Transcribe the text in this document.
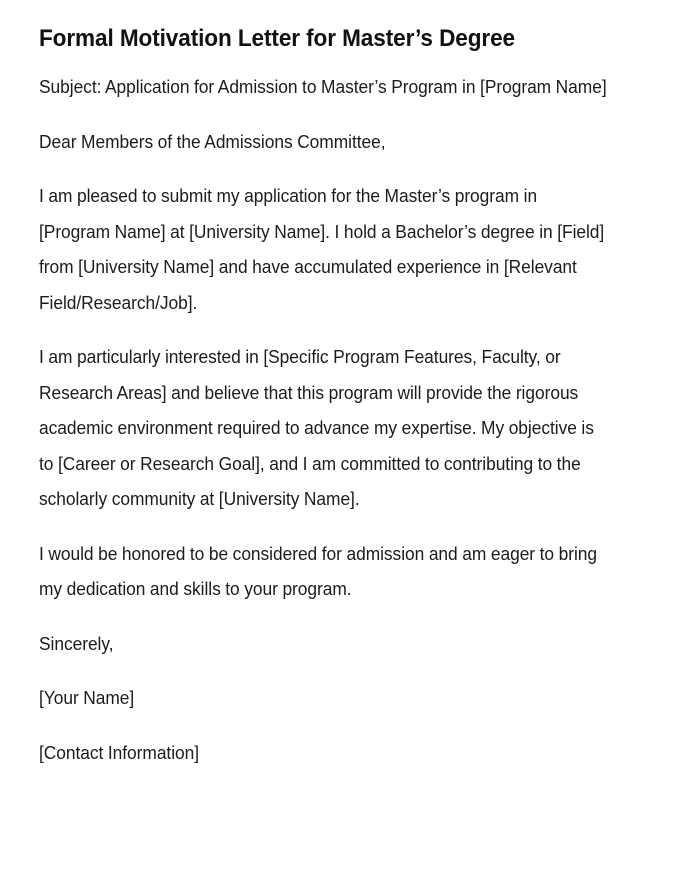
Formal Motivation Letter for Master’s Degree

Subject: Application for Admission to Master’s Program in [Program Name]

Dear Members of the Admissions Committee,

I am pleased to submit my application for the Master’s program in [Program Name] at [University Name]. I hold a Bachelor’s degree in [Field] from [University Name] and have accumulated experience in [Relevant Field/Research/Job].

I am particularly interested in [Specific Program Features, Faculty, or Research Areas] and believe that this program will provide the rigorous academic environment required to advance my expertise. My objective is to [Career or Research Goal], and I am committed to contributing to the scholarly community at [University Name].

I would be honored to be considered for admission and am eager to bring my dedication and skills to your program.

Sincerely,

[Your Name]

[Contact Information]
